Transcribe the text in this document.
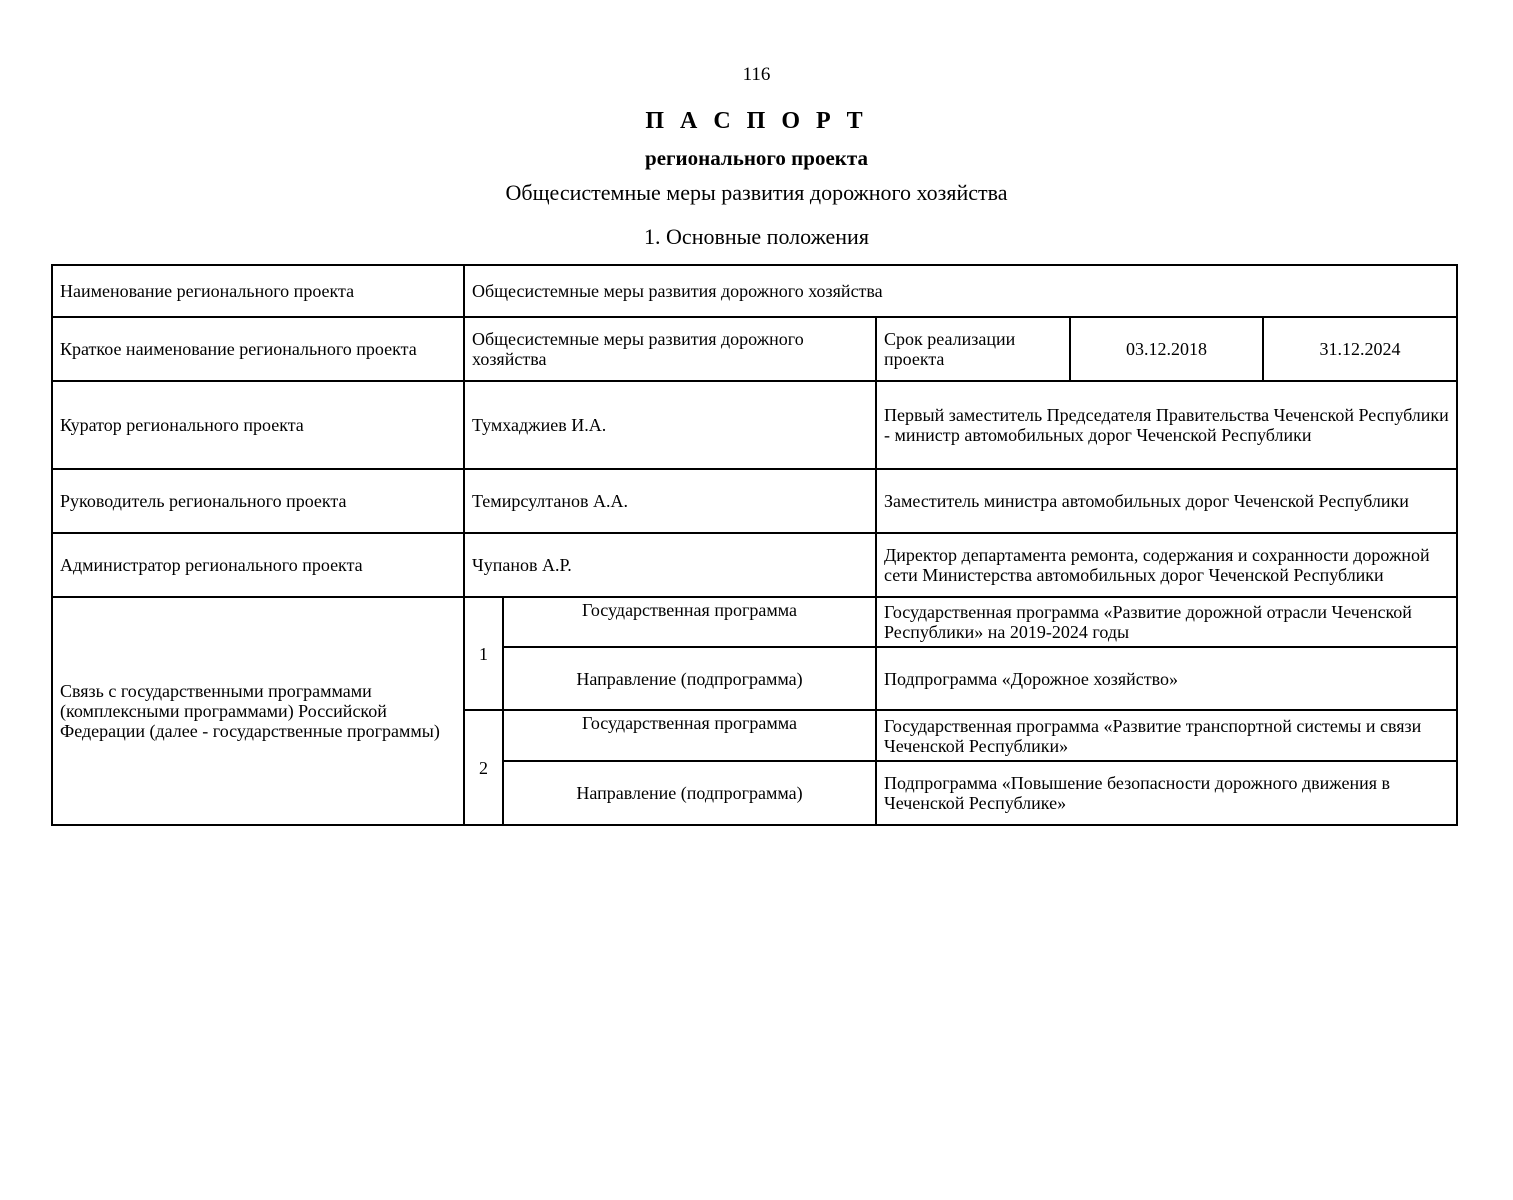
116
П А С П О Р Т
регионального проекта
Общесистемные меры развития дорожного хозяйства
1. Основные положения
Наименование регионального проекта	Общесистемные меры развития дорожного хозяйства				
Краткое наименование регионального проекта	Общесистемные меры развития дорожного хозяйства		Срок реализации проекта	03.12.2018	31.12.2024
Куратор регионального проекта	Тумхаджиев И.А.		Первый заместитель Председателя Правительства Чеченской Республики - министр автомобильных дорог Чеченской Республики		
Руководитель регионального проекта	Темирсултанов А.А.		Заместитель министра автомобильных дорог Чеченской Республики		
Администратор регионального проекта	Чупанов А.Р.		Директор департамента ремонта, содержания и сохранности дорожной сети Министерства автомобильных дорог Чеченской Республики		
Связь с государственными программами (комплексными программами) Российской Федерации (далее - государственные программы)	1	Государственная программа	Государственная программа «Развитие дорожной отрасли Чеченской Республики» на 2019-2024 годы		
		Направление (подпрограмма)	Подпрограмма «Дорожное хозяйство»		
	2	Государственная программа	Государственная программа «Развитие транспортной системы и связи Чеченской Республики»		
		Направление (подпрограмма)	Подпрограмма «Повышение безопасности дорожного движения в Чеченской Республике»		
